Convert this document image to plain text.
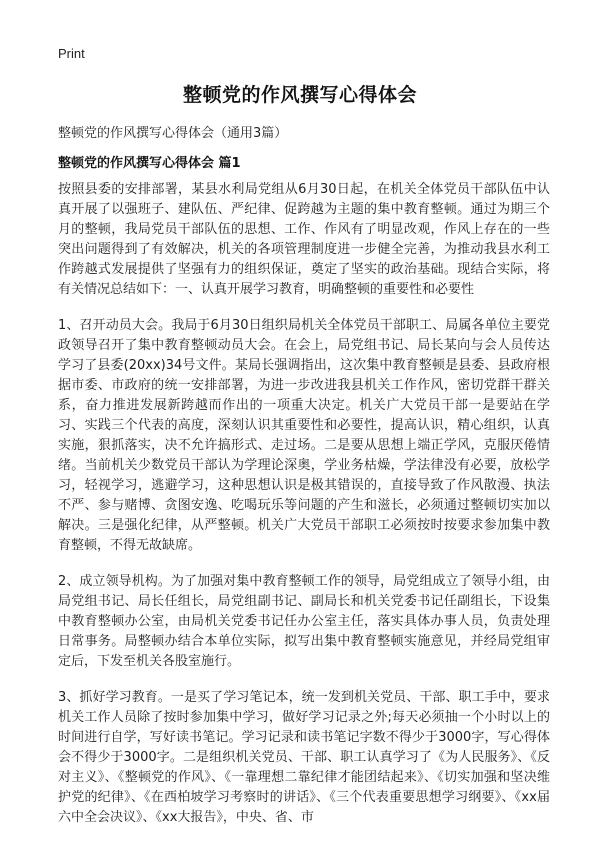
Print
整顿党的作风撰写心得体会
整顿党的作风撰写心得体会（通用3篇）
整顿党的作风撰写心得体会 篇1

按照县委的安排部署，某县水利局党组从6月30日起，在机关全体党员干部队伍中认真开展了以强班子、建队伍、严纪律、促跨越为主题的集中教育整顿。通过为期三个月的整顿，我局党员干部队伍的思想、工作、作风有了明显改观，作风上存在的一些突出问题得到了有效解决，机关的各项管理制度进一步健全完善，为推动我县水利工作跨越式发展提供了坚强有力的组织保证，奠定了坚实的政治基础。现结合实际，将有关情况总结如下：一、认真开展学习教育，明确整顿的重要性和必要性

1、召开动员大会。我局于6月30日组织局机关全体党员干部职工、局属各单位主要党政领导召开了集中教育整顿动员大会。在会上，局党组书记、局长某向与会人员传达学习了县委(20xx)34号文件。某局长强调指出，这次集中教育整顿是县委、县政府根据市委、市政府的统一安排部署，为进一步改进我县机关工作作风，密切党群干群关系，奋力推进发展新跨越而作出的一项重大决定。机关广大党员干部一是要站在学习、实践三个代表的高度，深刻认识其重要性和必要性，提高认识，精心组织，认真实施，狠抓落实，决不允许搞形式、走过场。二是要从思想上端正学风，克服厌倦情绪。当前机关少数党员干部认为学理论深奥，学业务枯燥，学法律没有必要，放松学习，轻视学习，逃避学习，这种思想认识是极其错误的，直接导致了作风散漫、执法不严、参与赌博、贪图安逸、吃喝玩乐等问题的产生和滋长，必须通过整顿切实加以解决。三是强化纪律，从严整顿。机关广大党员干部职工必须按时按要求参加集中教育整顿，不得无故缺席。

2、成立领导机构。为了加强对集中教育整顿工作的领导，局党组成立了领导小组，由局党组书记、局长任组长，局党组副书记、副局长和机关党委书记任副组长，下设集中教育整顿办公室，由局机关党委书记任办公室主任，落实具体办事人员，负责处理日常事务。局整顿办结合本单位实际，拟写出集中教育整顿实施意见，并经局党组审定后，下发至机关各股室施行。

3、抓好学习教育。一是买了学习笔记本，统一发到机关党员、干部、职工手中，要求机关工作人员除了按时参加集中学习，做好学习记录之外;每天必须抽一个小时以上的时间进行自学，写好读书笔记。学习记录和读书笔记字数不得少于3000字，写心得体会不得少于3000字。二是组织机关党员、干部、职工认真学习了《为人民服务》、《反对主义》、《整顿党的作风》、《一靠理想二靠纪律才能团结起来》、《切实加强和坚决维护党的纪律》、《在西柏坡学习考察时的讲话》、《三个代表重要思想学习纲要》、《xx届六中全会决议》、《xx大报告》，中央、省、市
